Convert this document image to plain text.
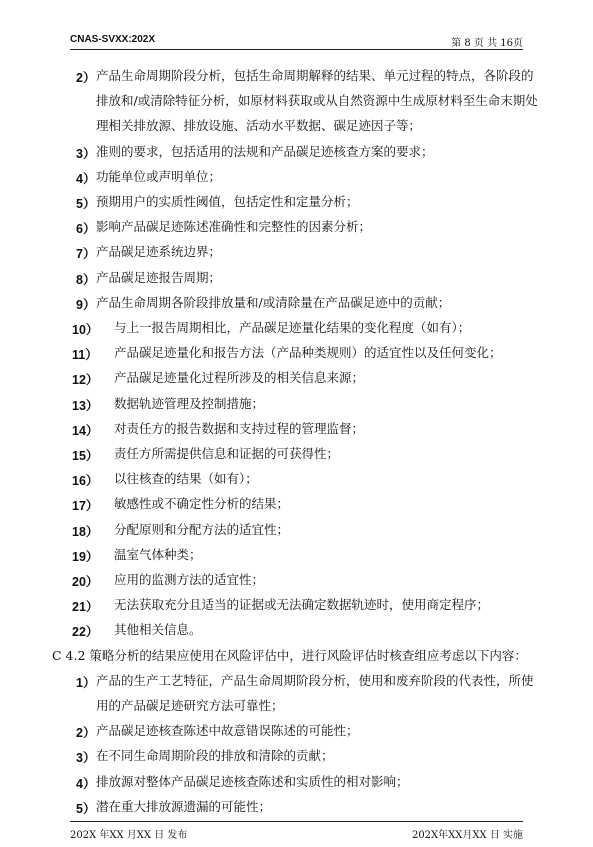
CNAS-SVXX:202X	第 8 页 共 16页
2） 产品生命周期阶段分析，包括生命周期解释的结果、单元过程的特点，各阶段的
排放和/或清除特征分析，如原材料获取或从自然资源中生成原材料至生命末期处
理相关排放源、排放设施、活动水平数据、碳足迹因子等；
3） 准则的要求，包括适用的法规和产品碳足迹核查方案的要求；
4） 功能单位或声明单位；
5） 预期用户的实质性阈值，包括定性和定量分析；
6） 影响产品碳足迹陈述准确性和完整性的因素分析；
7） 产品碳足迹系统边界；
8） 产品碳足迹报告周期；
9） 产品生命周期各阶段排放量和/或清除量在产品碳足迹中的贡献；
10） 与上一报告周期相比，产品碳足迹量化结果的变化程度（如有）；
11） 产品碳足迹量化和报告方法（产品种类规则）的适宜性以及任何变化；
12） 产品碳足迹量化过程所涉及的相关信息来源；
13） 数据轨迹管理及控制措施；
14） 对责任方的报告数据和支持过程的管理监督；
15） 责任方所需提供信息和证据的可获得性；
16） 以往核查的结果（如有）；
17） 敏感性或不确定性分析的结果；
18） 分配原则和分配方法的适宜性；
19） 温室气体种类；
20） 应用的监测方法的适宜性；
21） 无法获取充分且适当的证据或无法确定数据轨迹时，使用商定程序；
22） 其他相关信息。
C 4.2 策略分析的结果应使用在风险评估中，进行风险评估时核查组应考虑以下内容：
1） 产品的生产工艺特征，产品生命周期阶段分析，使用和废弃阶段的代表性，所使
用的产品碳足迹研究方法可靠性；
2） 产品碳足迹核查陈述中故意错误陈述的可能性；
3） 在不同生命周期阶段的排放和清除的贡献；
4） 排放源对整体产品碳足迹核查陈述和实质性的相对影响；
5） 潜在重大排放源遗漏的可能性；
202X 年XX 月XX 日 发布	202X年XX月XX 日 实施
